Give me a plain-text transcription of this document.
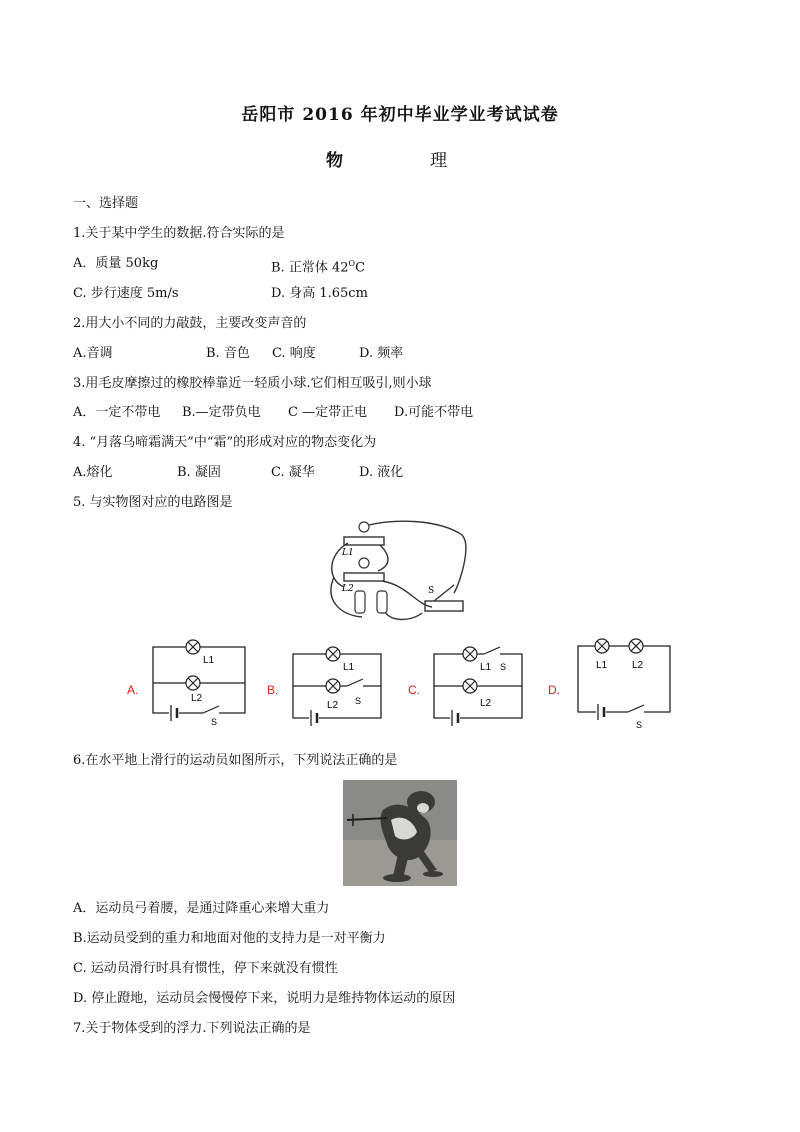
岳阳市 2016 年初中毕业学业考试试卷
物	理
一、选择题
1.关于某中学生的数据.符合实际的是
A．质量 50kg	B. 正常体 $42^OC$
C. 步行速度 5m/s	D. 身高 1.65cm
2.用大小不同的力敲鼓，主要改变声音的
A.音调	B. 音色 C. 响度	D. 频率
3.用毛皮摩擦过的橡胶棒靠近一轻质小球.它们相互吸引,则小球
A．一定不带电 B.—定带负电 C —定带正电 D.可能不带电
4. “月落乌啼霜满天”中“霜”的形成对应的物态变化为
A.熔化	B. 凝固	C. 凝华	D. 液化
5. 与实物图对应的电路图是
L1
L2	S
A.
L1
L2
S
B.
L1
L2 S
C.
L1 S
L2
D.
L1 L2
S
6.在水平地上滑行的运动员如图所示，下列说法正确的是
A．运动员弓着腰，是通过降重心来增大重力
B.运动员受到的重力和地面对他的支持力是一对平衡力
C. 运动员滑行时具有惯性，停下来就没有惯性
D. 停止蹬地，运动员会慢慢停下来，说明力是维持物体运动的原因
7.关于物体受到的浮力.下列说法正确的是
